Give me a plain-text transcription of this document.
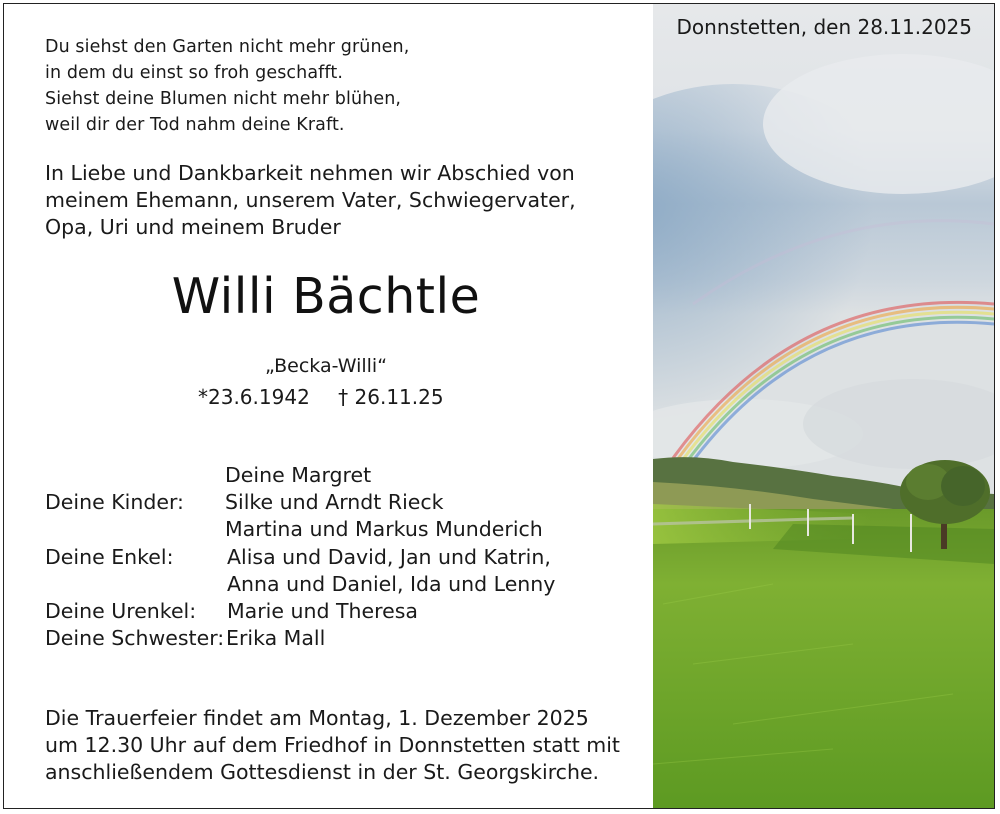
Du siehst den Garten nicht mehr grünen,
in dem du einst so froh geschafft.
Siehst deine Blumen nicht mehr blühen,
weil dir der Tod nahm deine Kraft.
In Liebe und Dankbarkeit nehmen wir Abschied von
meinem Ehemann, unserem Vater, Schwiegervater,
Opa, Uri und meinem Bruder
Willi Bächtle
„Becka-Willi“
*23.6.1942 † 26.11.25
Deine Margret
Deine Kinder: Silke und Arndt Rieck
Martina und Markus Munderich
Deine Enkel:	Alisa und David, Jan und Katrin,
Anna und Daniel, Ida und Lenny
Deine Urenkel: Marie und Theresa
Deine Schwester: Erika Mall
Die Trauerfeier findet am Montag, 1. Dezember 2025
um 12.30 Uhr auf dem Friedhof in Donnstetten statt mit
anschließendem Gottesdienst in der St. Georgskirche.
Donnstetten, den 28.11.2025
